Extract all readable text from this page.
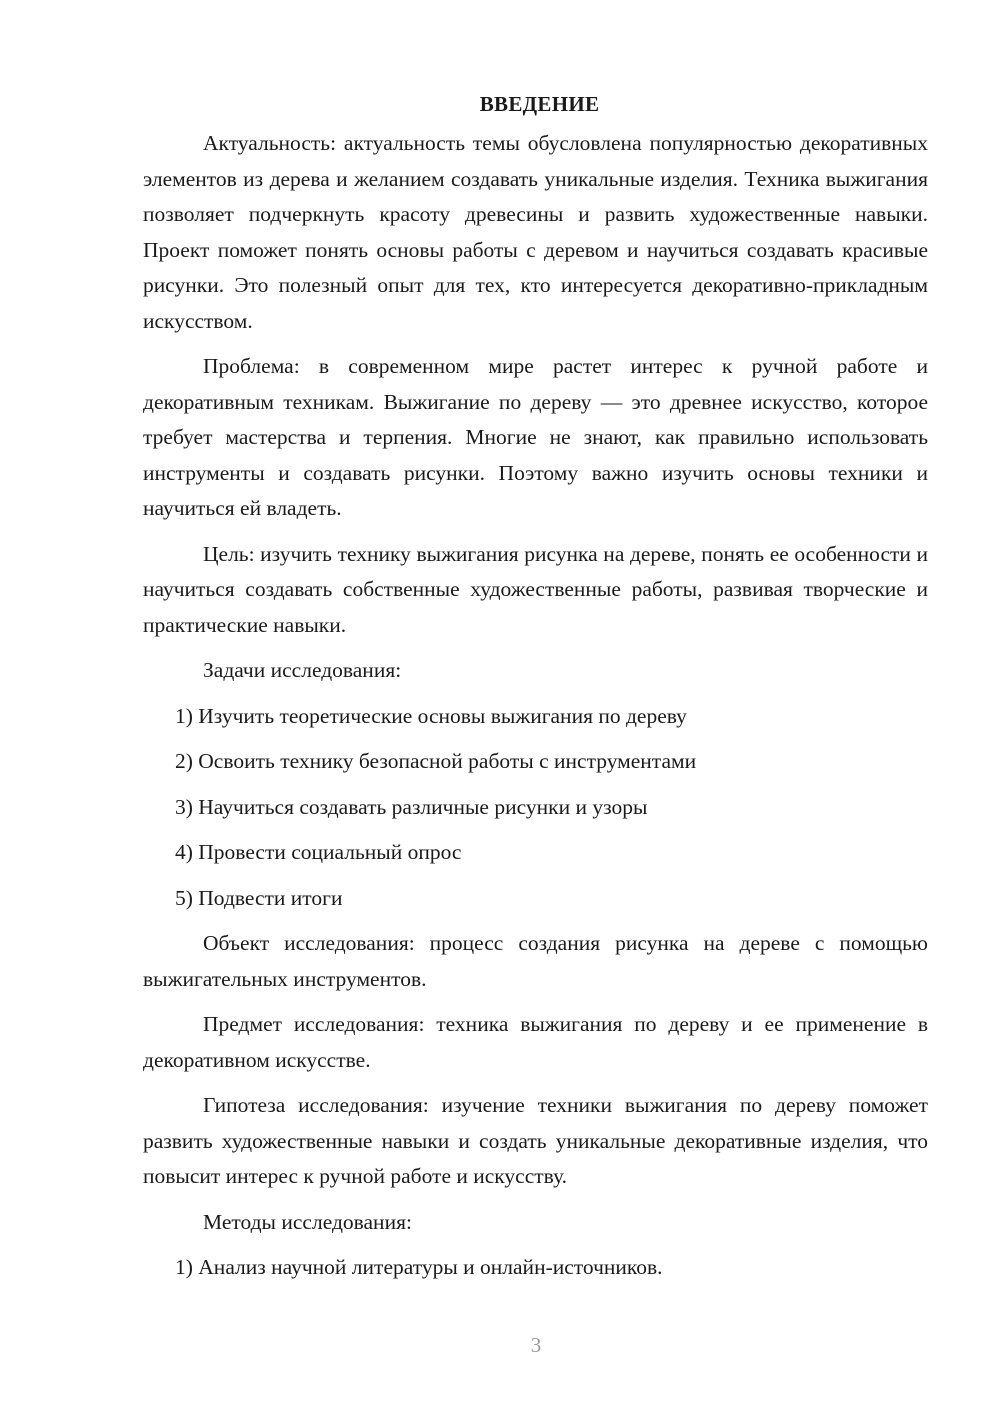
ВВЕДЕНИЕ

Актуальность: актуальность темы обусловлена популярностью декоративных элементов из дерева и желанием создавать уникальные изделия. Техника выжигания позволяет подчеркнуть красоту древесины и развить художественные навыки. Проект поможет понять основы работы с деревом и научиться создавать красивые рисунки. Это полезный опыт для тех, кто интересуется декоративно-прикладным искусством.

Проблема: в современном мире растет интерес к ручной работе и декоративным техникам. Выжигание по дереву — это древнее искусство, которое требует мастерства и терпения. Многие не знают, как правильно использовать инструменты и создавать рисунки. Поэтому важно изучить основы техники и научиться ей владеть.

Цель: изучить технику выжигания рисунка на дереве, понять ее особенности и научиться создавать собственные художественные работы, развивая творческие и практические навыки.

Задачи исследования:
1) Изучить теоретические основы выжигания по дереву
2) Освоить технику безопасной работы с инструментами
3) Научиться создавать различные рисунки и узоры
4) Провести социальный опрос
5) Подвести итоги

Объект исследования: процесс создания рисунка на дереве с помощью выжигательных инструментов.

Предмет исследования: техника выжигания по дереву и ее применение в декоративном искусстве.

Гипотеза исследования: изучение техники выжигания по дереву поможет развить художественные навыки и создать уникальные декоративные изделия, что повысит интерес к ручной работе и искусству.

Методы исследования:
1) Анализ научной литературы и онлайн-источников.
3
